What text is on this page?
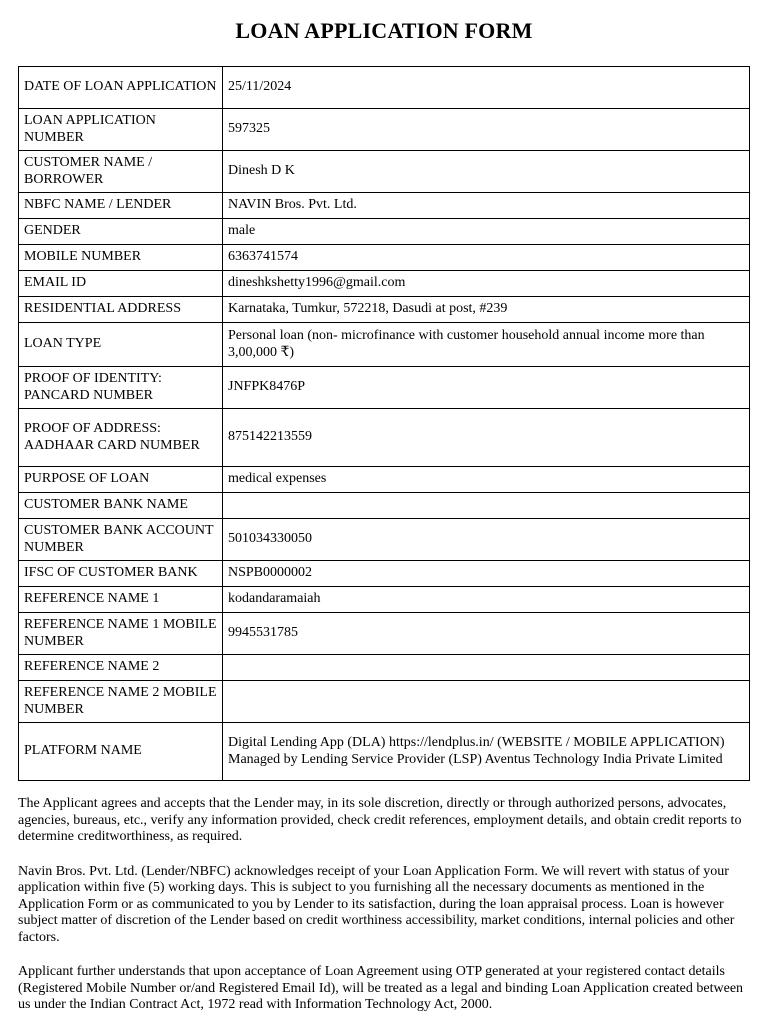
LOAN APPLICATION FORM
DATE OF LOAN APPLICATION	25/11/2024
LOAN APPLICATION NUMBER	597325
CUSTOMER NAME / BORROWER	Dinesh D K
NBFC NAME / LENDER	NAVIN Bros. Pvt. Ltd.
GENDER	male
MOBILE NUMBER	6363741574
EMAIL ID	dineshkshetty1996@gmail.com
RESIDENTIAL ADDRESS	Karnataka, Tumkur, 572218, Dasudi at post, #239
LOAN TYPE	Personal loan (non- microfinance with customer household annual income more than 3,00,000 ₹)
PROOF OF IDENTITY: PANCARD NUMBER	JNFPK8476P
PROOF OF ADDRESS: AADHAAR CARD NUMBER	875142213559
PURPOSE OF LOAN	medical expenses
CUSTOMER BANK NAME	
CUSTOMER BANK ACCOUNT NUMBER	501034330050
IFSC OF CUSTOMER BANK	NSPB0000002
REFERENCE NAME 1	kodandaramaiah
REFERENCE NAME 1 MOBILE NUMBER	9945531785
REFERENCE NAME 2	
REFERENCE NAME 2 MOBILE NUMBER	
PLATFORM NAME	Digital Lending App (DLA) https://lendplus.in/ (WEBSITE / MOBILE APPLICATION) Managed by Lending Service Provider (LSP) Aventus Technology India Private Limited

The Applicant agrees and accepts that the Lender may, in its sole discretion, directly or through authorized persons, advocates, agencies, bureaus, etc., verify any information provided, check credit references, employment details, and obtain credit reports to determine creditworthiness, as required.

Navin Bros. Pvt. Ltd. (Lender/NBFC) acknowledges receipt of your Loan Application Form. We will revert with status of your application within five (5) working days. This is subject to you furnishing all the necessary documents as mentioned in the Application Form or as communicated to you by Lender to its satisfaction, during the loan appraisal process. Loan is however subject matter of discretion of the Lender based on credit worthiness accessibility, market conditions, internal policies and other factors.

Applicant further understands that upon acceptance of Loan Agreement using OTP generated at your registered contact details (Registered Mobile Number or/and Registered Email Id), will be treated as a legal and binding Loan Application created between us under the Indian Contract Act, 1972 read with Information Technology Act, 2000.
